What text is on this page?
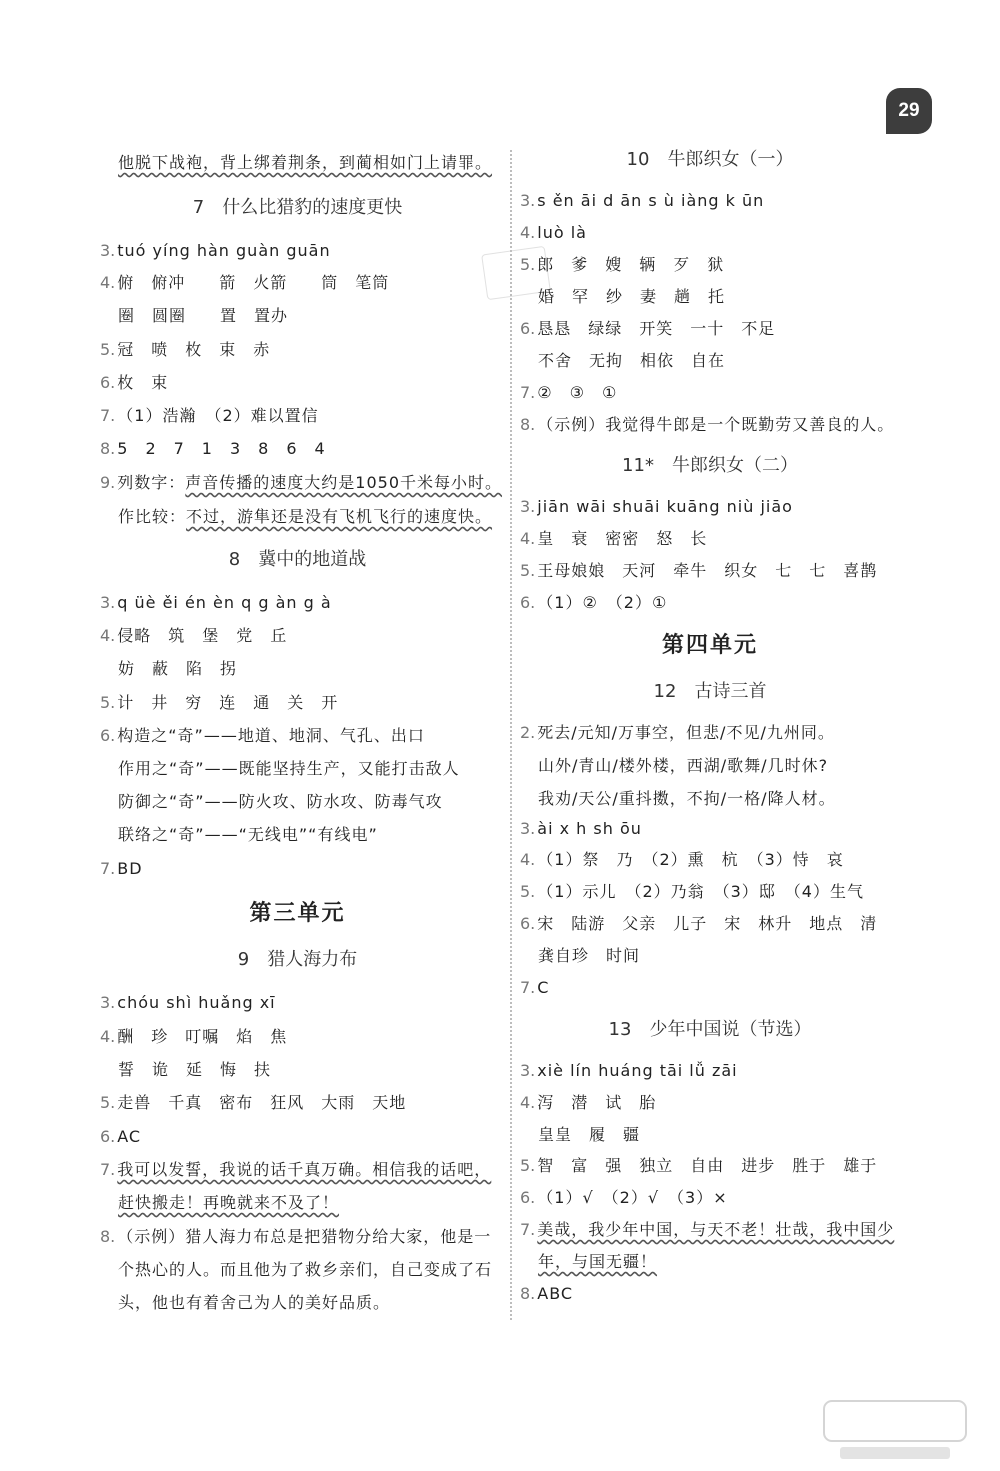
29
他脱下战袍，背上绑着荆条，到蔺相如门上请罪。
7　什么比猎豹的速度更快
3. tuó yíng hàn guàn guān
4. 俯　俯冲　　箭　火箭　　筒　笔筒
圈　圆圈　　置　置办
5. 冠　喷　枚　束　赤
6. 枚　束
7. （1）浩瀚　（2）难以置信
8. 5　2　7　1　3　8　6　4
9. 列数字：声音传播的速度大约是1050千米每小时。
作比较：不过，游隼还是没有飞机飞行的速度快。
8　冀中的地道战
3. q üè ěi én èn q g àn g à
4. 侵略　筑　堡　党　丘
妨　蔽　陷　拐
5. 计　井　穷　连　通　关　开
6. 构造之“奇”——地道、地洞、气孔、出口
作用之“奇”——既能坚持生产，又能打击敌人
防御之“奇”——防火攻、防水攻、防毒气攻
联络之“奇”——“无线电”“有线电”
7. BD
第三单元
9　猎人海力布
3. chóu shì huǎng xī
4. 酬　珍　叮嘱　焰　焦
誓　诡　延　悔　扶
5. 走兽　千真　密布　狂风　大雨　天地
6. AC
7. 我可以发誓，我说的话千真万确。相信我的话吧，
赶快搬走！再晚就来不及了！
8. （示例）猎人海力布总是把猎物分给大家，他是一
个热心的人。而且他为了救乡亲们，自己变成了石
头，他也有着舍己为人的美好品质。
10　牛郎织女（一）
3. s ěn āi d ān s ù iàng k ūn
4. luò là
5. 郎　爹　嫂　辆　歹　狱
婚　罕　纱　妻　趟　托
6. 恳恳　绿绿　开笑　一十　不足
不舍　无拘　相依　自在
7. ②　③　①
8. （示例）我觉得牛郎是一个既勤劳又善良的人。
11*　牛郎织女（二）
3. jiān wāi shuāi kuāng niù jiāo
4. 皇　衰　密密　怒　长
5. 王母娘娘　天河　牵牛　织女　七　七　喜鹊
6. （1）②　（2）①
第四单元
12　古诗三首
2. 死去/元知/万事空，但悲/不见/九州同。
山外/青山/楼外楼，西湖/歌舞/几时休?
我劝/天公/重抖擞，不拘/一格/降人材。
3. ài x h sh ōu
4. （1）祭　乃　（2）熏　杭　（3）恃　哀
5. （1）示儿　（2）乃翁　（3）邸　（4）生气
6. 宋　陆游　父亲　儿子　宋　林升　地点　清
龚自珍　时间
7. C
13　少年中国说（节选）
3. xiè lín huáng tāi lǚ zāi
4. 泻　潜　试　胎
皇皇　履　疆
5. 智　富　强　独立　自由　进步　胜于　雄于
6. （1）√　（2）√　（3）×
7. 美哉，我少年中国，与天不老！壮哉，我中国少
年，与国无疆！
8. ABC
